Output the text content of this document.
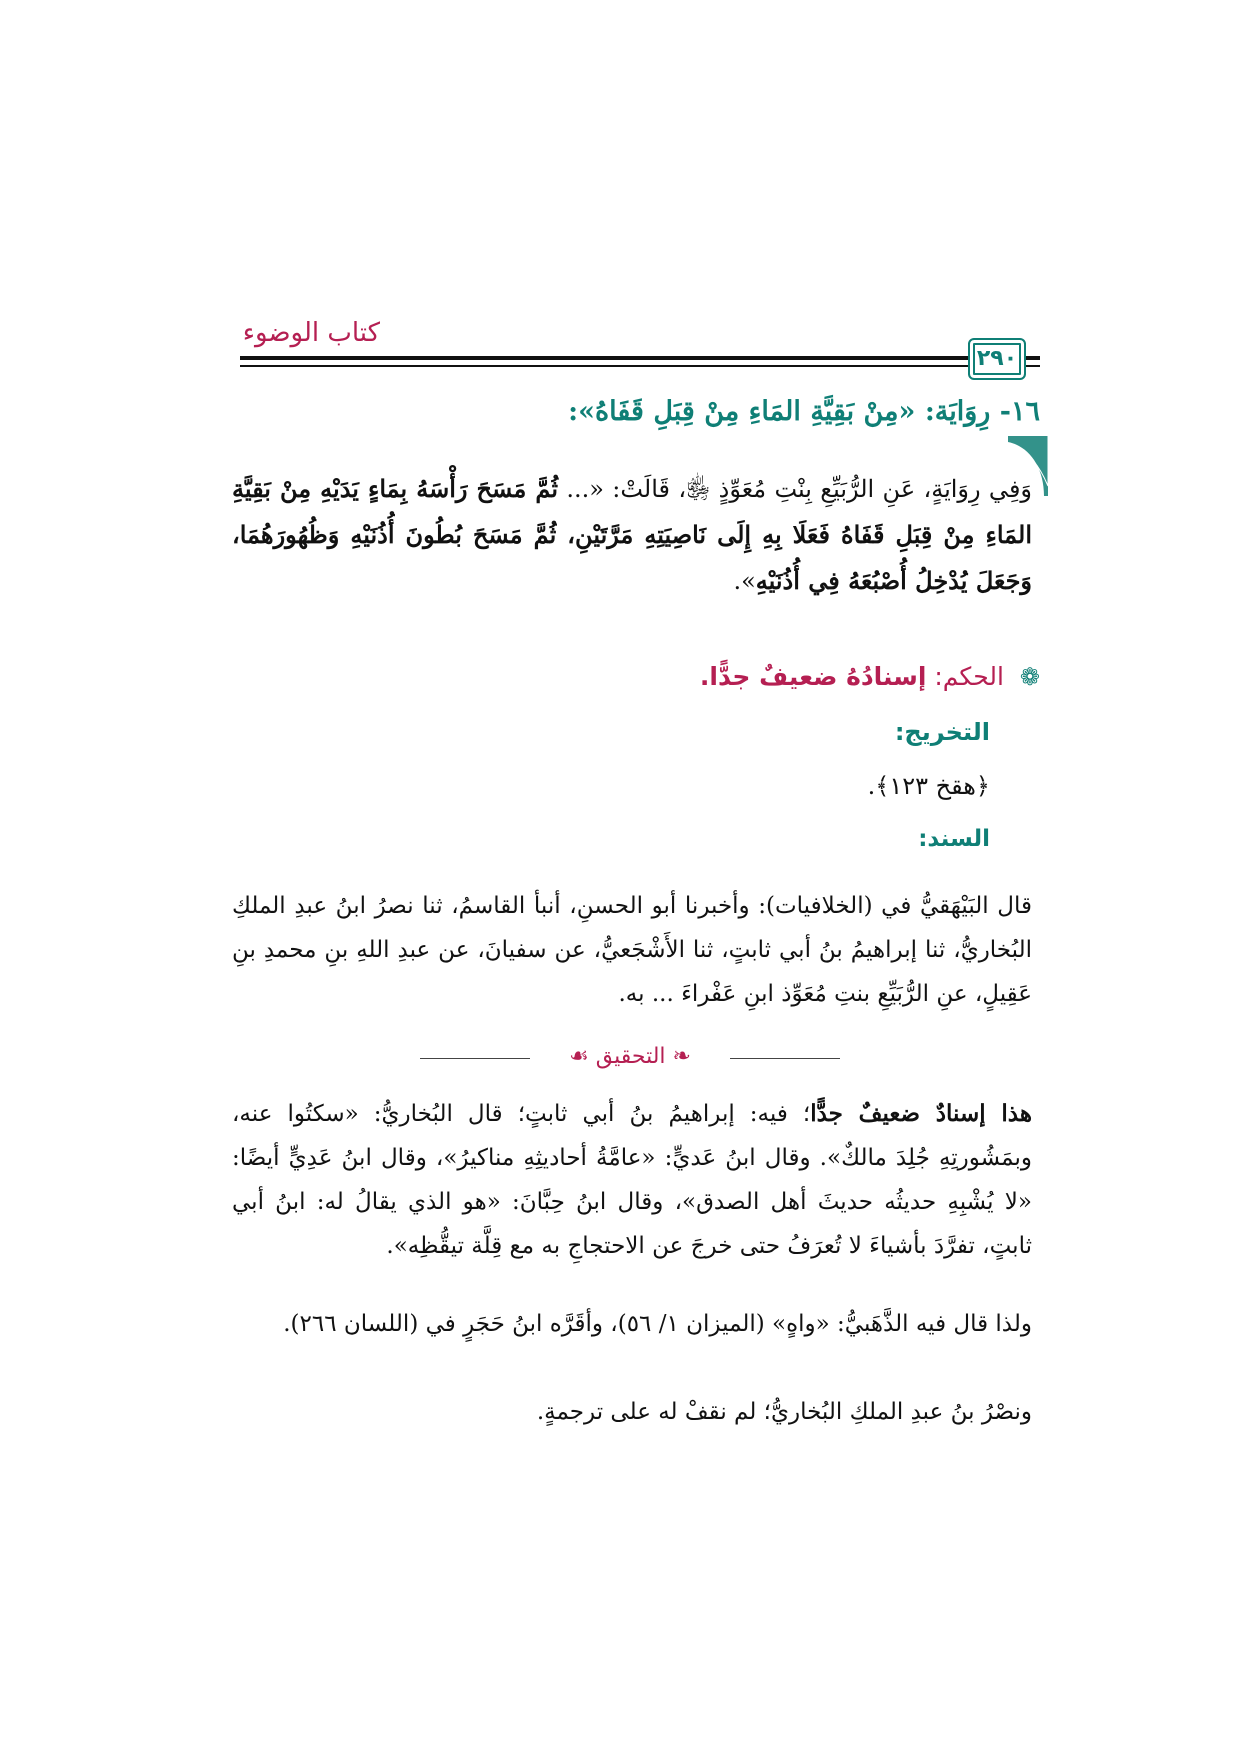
كتاب الوضوء
٢٩٠
١٦- رِوَايَة: «مِنْ بَقِيَّةِ المَاءِ مِنْ قِبَلِ قَفَاهُ»:
وَفِي رِوَايَةٍ، عَنِ الرُّبَيِّعِ بِنْتِ مُعَوِّذٍ ﵂، قَالَتْ: «... ثُمَّ مَسَحَ رَأْسَهُ بِمَاءٍ يَدَيْهِ مِنْ بَقِيَّةِ المَاءِ مِنْ قِبَلِ قَفَاهُ فَعَلَا بِهِ إِلَى نَاصِيَتِهِ مَرَّتَيْنِ، ثُمَّ مَسَحَ بُطُونَ أُذُنَيْهِ وَظُهُورَهُمَا، وَجَعَلَ يُدْخِلُ أُصْبُعَهُ فِي أُذُنَيْهِ».
❁ الحكم: إسنادُهُ ضعيفٌ جدًّا.
التخريج:
﴿هقخ ١٢٣﴾.
السند:
قال البَيْهَقيُّ في (الخلافيات): وأخبرنا أبو الحسنِ، أنبأ القاسمُ، ثنا نصرُ ابنُ عبدِ الملكِ البُخاريُّ، ثنا إبراهيمُ بنُ أبي ثابتٍ، ثنا الأَشْجَعيُّ، عن سفيانَ، عن عبدِ اللهِ بنِ محمدِ بنِ عَقِيلٍ، عنِ الرُّبَيِّعِ بنتِ مُعَوِّذ ابنِ عَفْراءَ ... به.
❧ التحقيق ☙
هذا إسنادٌ ضعيفٌ جدًّا؛ فيه: إبراهيمُ بنُ أبي ثابتٍ؛ قال البُخاريُّ: «سكتُوا عنه، وبمَشُورتِهِ جُلِدَ مالكٌ». وقال ابنُ عَديٍّ: «عامَّةُ أحاديثِهِ مناكيرُ»، وقال ابنُ عَدِيٍّ أيضًا: «لا يُشْبِهِ حديثُه حديثَ أهل الصدق»، وقال ابنُ حِبَّانَ: «هو الذي يقالُ له: ابنُ أبي ثابتٍ، تفرَّدَ بأشياءَ لا تُعرَفُ حتى خرجَ عن الاحتجاجِ به مع قِلَّة تيقُّظِه».
ولذا قال فيه الذَّهَبيُّ: «واهٍ» (الميزان ١/ ٥٦)، وأقَرَّه ابنُ حَجَرٍ في (اللسان ٢٦٦).
ونصْرُ بنُ عبدِ الملكِ البُخاريُّ؛ لم نقفْ له على ترجمةٍ.
